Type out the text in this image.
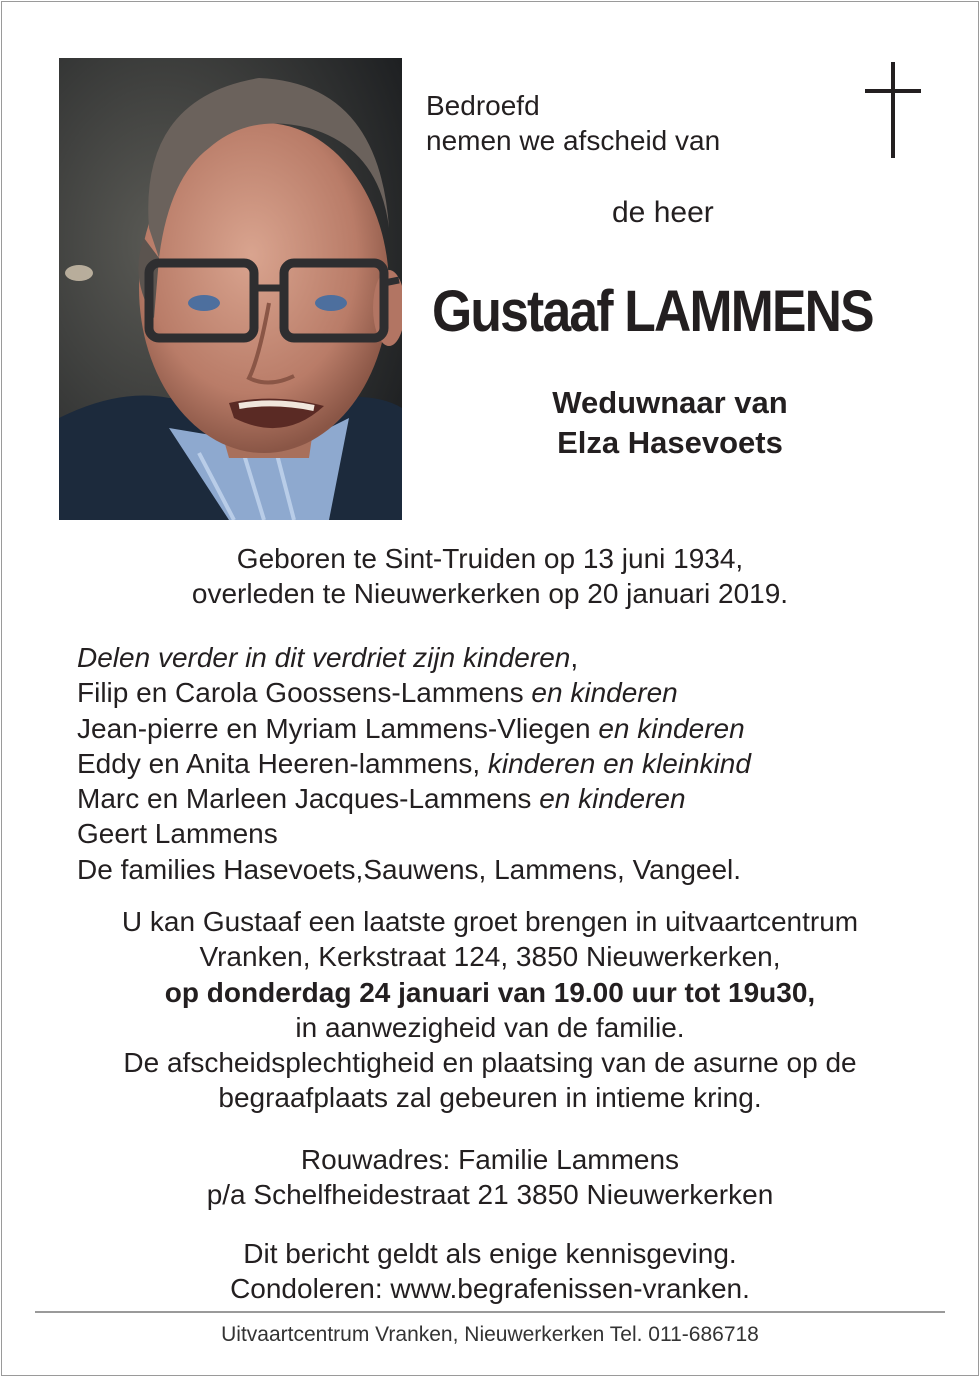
Bedroefd

nemen we afscheid van

de heer
Gustaaf LAMMENS

Weduwnaar van

Elza Hasevoets

Geboren te Sint-Truiden op 13 juni 1934,

overleden te Nieuwerkerken op 20 januari 2019.

Delen verder in dit verdriet zijn kinderen,

Filip en Carola Goossens-Lammens en kinderen

Jean-pierre en Myriam Lammens-Vliegen en kinderen

Eddy en Anita Heeren-lammens, kinderen en kleinkind

Marc en Marleen Jacques-Lammens en kinderen

Geert Lammens

De families Hasevoets,Sauwens, Lammens, Vangeel.

U kan Gustaaf een laatste groet brengen in uitvaartcentrum

Vranken, Kerkstraat 124, 3850 Nieuwerkerken,

op donderdag 24 januari van 19.00 uur tot 19u30,

in aanwezigheid van de familie.

De afscheidsplechtigheid en plaatsing van de asurne op de

begraafplaats zal gebeuren in intieme kring.

Rouwadres: Familie Lammens

p/a Schelfheidestraat 21 3850 Nieuwerkerken

Dit bericht geldt als enige kennisgeving.

Condoleren: www.begrafenissen-vranken.

Uitvaartcentrum Vranken, Nieuwerkerken Tel. 011-686718
